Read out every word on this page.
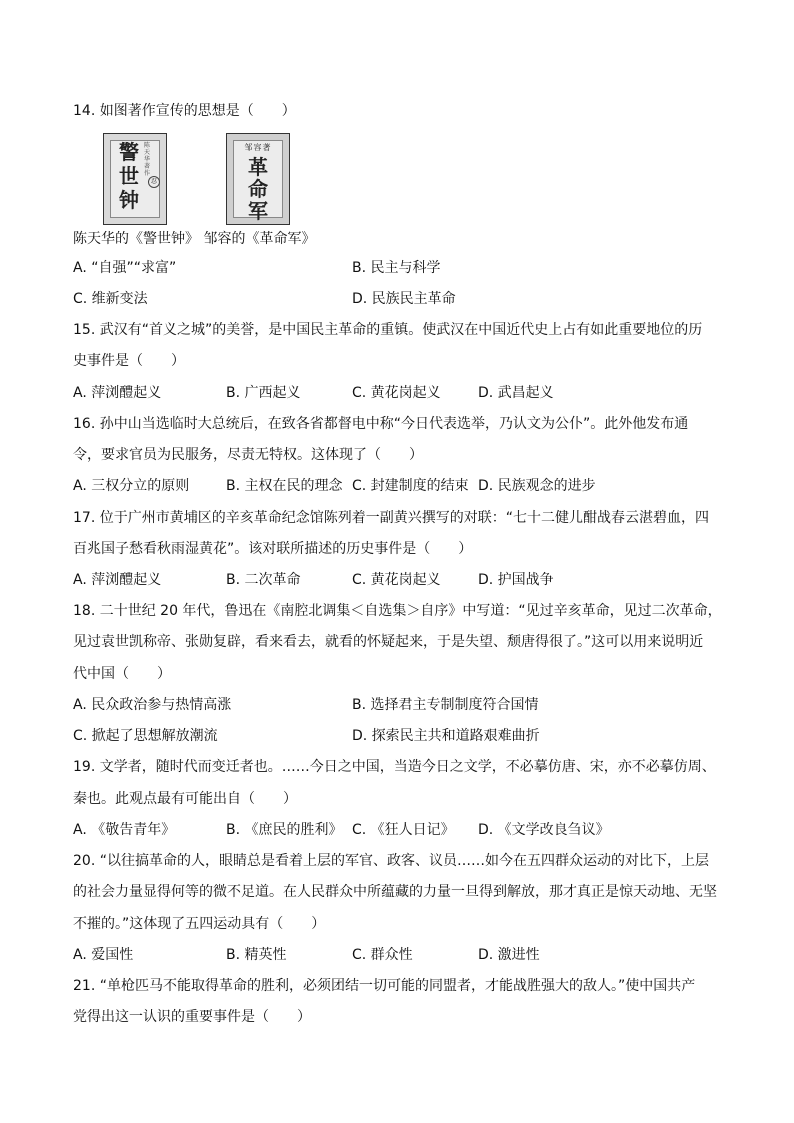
14. 如图著作宣传的思想是（　　）
陈天华著作
警世钟
忍
邹容著
革命军
陈天华的《警世钟》 邹容的《革命军》
A. “自强”“求富”	B. 民主与科学
C. 维新变法	D. 民族民主革命
15. 武汉有“首义之城”的美誉，是中国民主革命的重镇。使武汉在中国近代史上占有如此重要地位的历
史事件是（　　）
A. 萍浏醴起义	B. 广西起义	C. 黄花岗起义	D. 武昌起义
16. 孙中山当选临时大总统后，在致各省都督电中称“今日代表选举，乃认文为公仆”。此外他发布通
令，要求官员为民服务，尽责无特权。这体现了（　　）
A. 三权分立的原则	B. 主权在民的理念 C. 封建制度的结束 D. 民族观念的进步
17. 位于广州市黄埔区的辛亥革命纪念馆陈列着一副黄兴撰写的对联：“七十二健儿酣战春云湛碧血，四
百兆国子愁看秋雨湿黄花”。该对联所描述的历史事件是（　　）
A. 萍浏醴起义	B. 二次革命	C. 黄花岗起义	D. 护国战争
18. 二十世纪 20 年代，鲁迅在《南腔北调集＜自选集＞自序》中写道：“见过辛亥革命，见过二次革命，
见过袁世凯称帝、张勋复辟，看来看去，就看的怀疑起来，于是失望、颓唐得很了。”这可以用来说明近
代中国（　　）
A. 民众政治参与热情高涨	B. 选择君主专制制度符合国情
C. 掀起了思想解放潮流	D. 探索民主共和道路艰难曲折
19. 文学者，随时代而变迁者也。……今日之中国，当造今日之文学，不必摹仿唐、宋，亦不必摹仿周、
秦也。此观点最有可能出自（　　）
A. 《敬告青年》	B. 《庶民的胜利》 C. 《狂人日记》 D. 《文学改良刍议》
20. “以往搞革命的人，眼睛总是看着上层的军官、政客、议员……如今在五四群众运动的对比下，上层
的社会力量显得何等的微不足道。在人民群众中所蕴藏的力量一旦得到解放，那才真正是惊天动地、无坚
不摧的。”这体现了五四运动具有（　　）
A. 爱国性	B. 精英性	C. 群众性	D. 激进性
21. “单枪匹马不能取得革命的胜利，必须团结一切可能的同盟者，才能战胜强大的敌人。”使中国共产
党得出这一认识的重要事件是（　　）
